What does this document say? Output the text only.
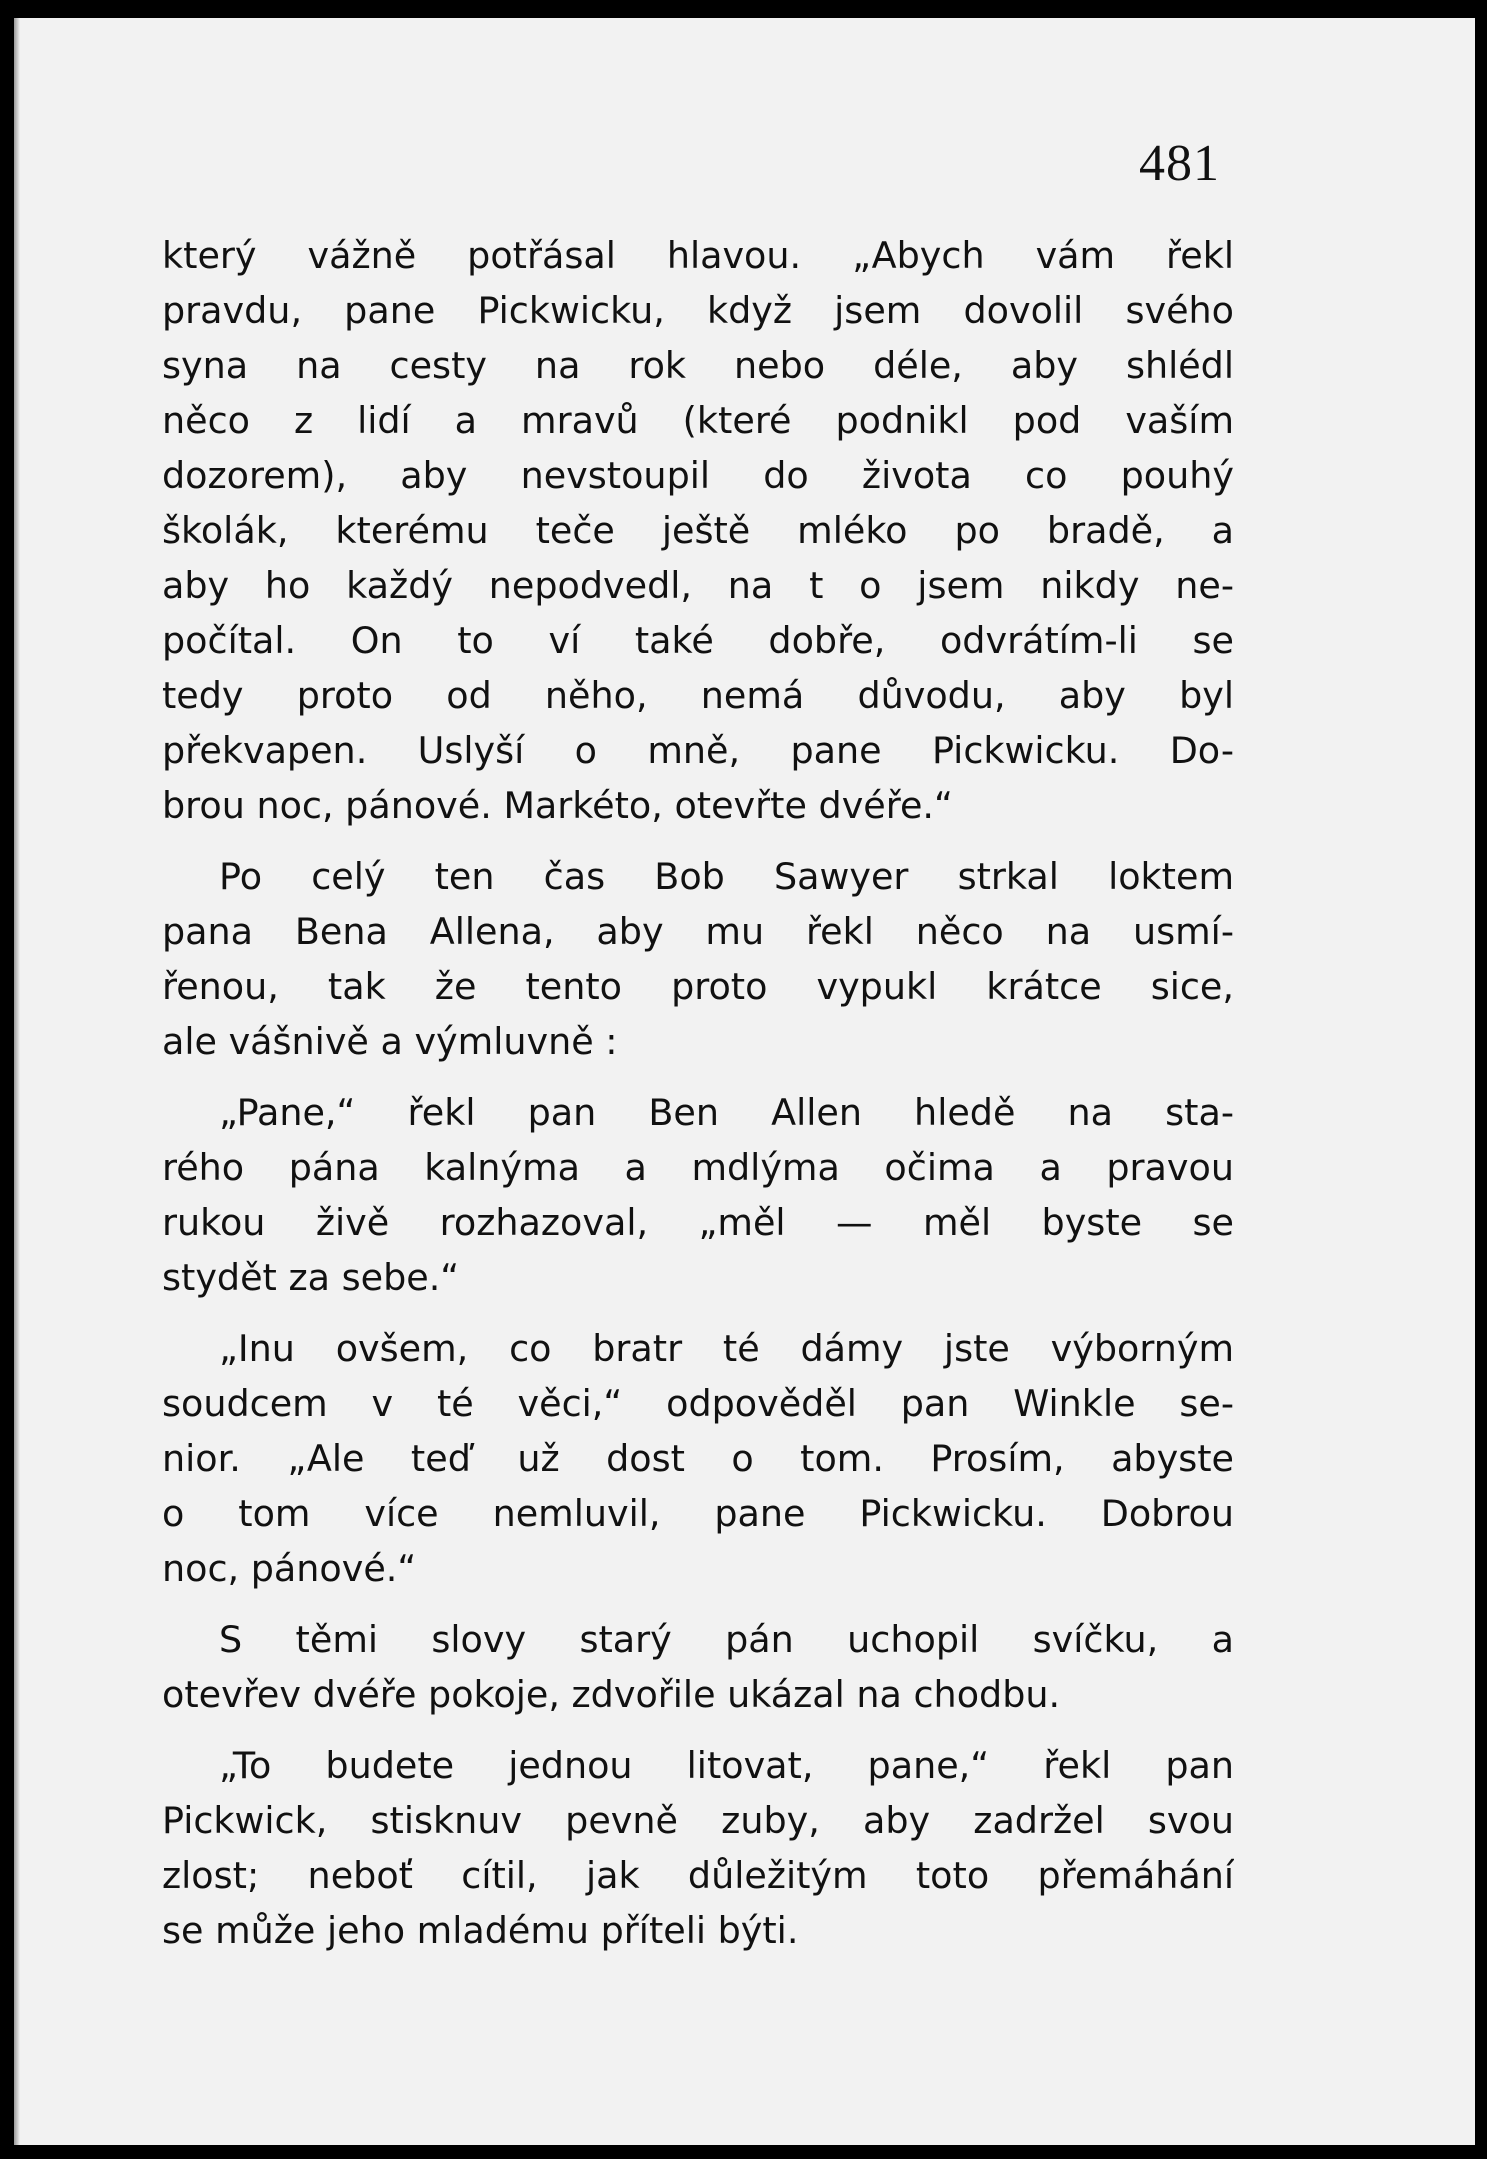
481
který vážně potřásal hlavou. „Abych vám řekl
pravdu, pane Pickwicku, když jsem dovolil svého
syna na cesty na rok nebo déle, aby shlédl
něco z lidí a mravů (které podnikl pod vaším
dozorem), aby nevstoupil do života co pouhý
školák, kterému teče ještě mléko po bradě, a
aby ho každý nepodvedl, na t o jsem nikdy ne-
počítal. On to ví také dobře, odvrátím-li se
tedy proto od něho, nemá důvodu, aby byl
překvapen. Uslyší o mně, pane Pickwicku. Do-
brou noc, pánové. Markéto, otevřte dvéře.“
Po celý ten čas Bob Sawyer strkal loktem
pana Bena Allena, aby mu řekl něco na usmí-
řenou, tak že tento proto vypukl krátce sice,
ale vášnivě a výmluvně :
„Pane,“ řekl pan Ben Allen hledě na sta-
rého pána kalnýma a mdlýma očima a pravou
rukou živě rozhazoval, „měl — měl byste se
stydět za sebe.“
„Inu ovšem, co bratr té dámy jste výborným
soudcem v té věci,“ odpověděl pan Winkle se-
nior. „Ale teď už dost o tom. Prosím, abyste
o tom více nemluvil, pane Pickwicku. Dobrou
noc, pánové.“
S těmi slovy starý pán uchopil svíčku, a
otevřev dvéře pokoje, zdvořile ukázal na chodbu.
„To budete jednou litovat, pane,“ řekl pan
Pickwick, stisknuv pevně zuby, aby zadržel svou
zlost; neboť cítil, jak důležitým toto přemáhání
se může jeho mladému příteli býti.
